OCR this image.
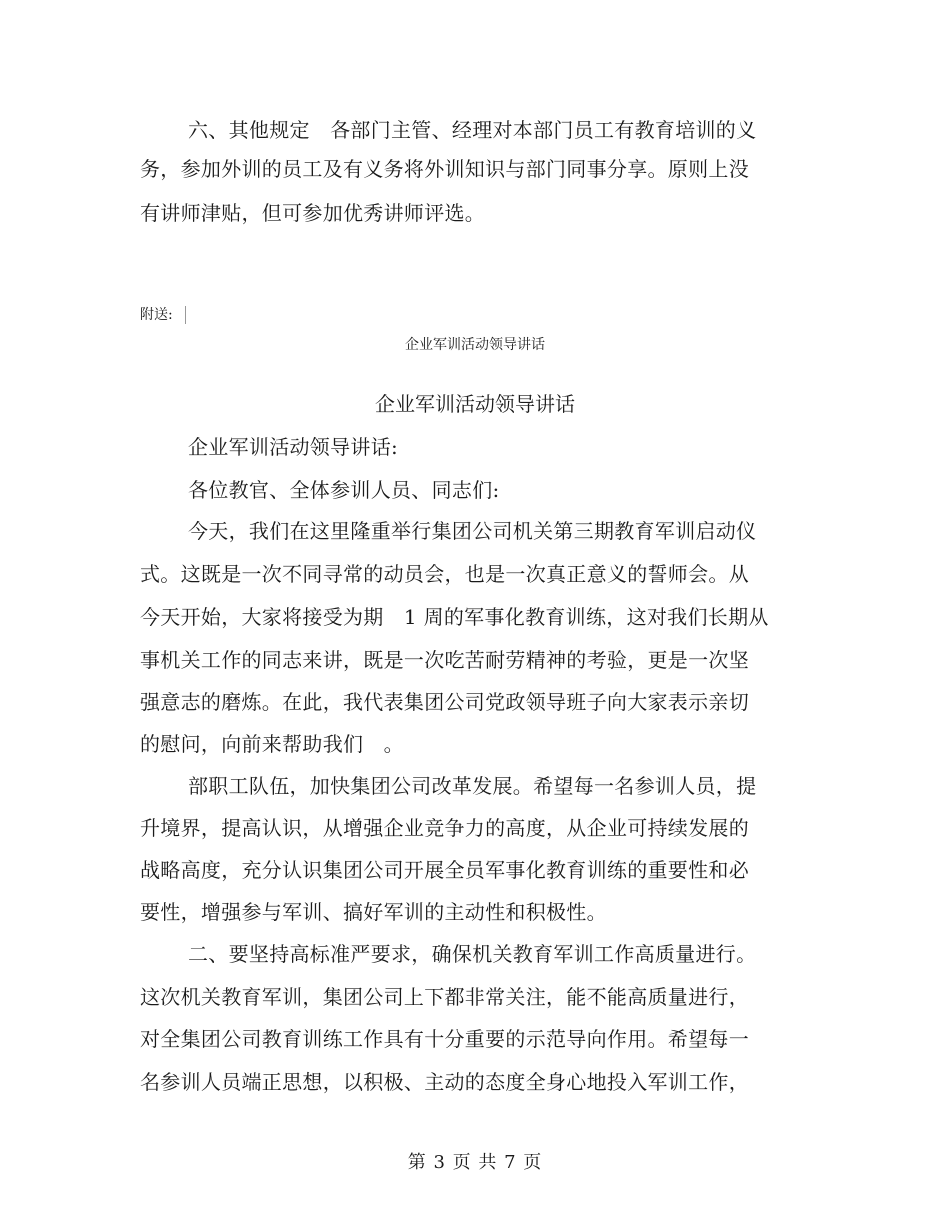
六、其他规定　各部门主管、经理对本部门员工有教育培训的义
务，参加外训的员工及有义务将外训知识与部门同事分享。原则上没
有讲师津贴，但可参加优秀讲师评选。
附送:
企业军训活动领导讲话
企业军训活动领导讲话
企业军训活动领导讲话:
各位教官、全体参训人员、同志们:
今天，我们在这里隆重举行集团公司机关第三期教育军训启动仪
式。这既是一次不同寻常的动员会，也是一次真正意义的誓师会。从
今天开始，大家将接受为期　1 周的军事化教育训练，这对我们长期从
事机关工作的同志来讲，既是一次吃苦耐劳精神的考验，更是一次坚
强意志的磨炼。在此，我代表集团公司党政领导班子向大家表示亲切
的慰问，向前来帮助我们　。
部职工队伍，加快集团公司改革发展。希望每一名参训人员，提
升境界，提高认识，从增强企业竞争力的高度，从企业可持续发展的
战略高度，充分认识集团公司开展全员军事化教育训练的重要性和必
要性，增强参与军训、搞好军训的主动性和积极性。
二、要坚持高标准严要求，确保机关教育军训工作高质量进行。
这次机关教育军训，集团公司上下都非常关注，能不能高质量进行，
对全集团公司教育训练工作具有十分重要的示范导向作用。希望每一
名参训人员端正思想，以积极、主动的态度全身心地投入军训工作，
第 3 页 共 7 页
